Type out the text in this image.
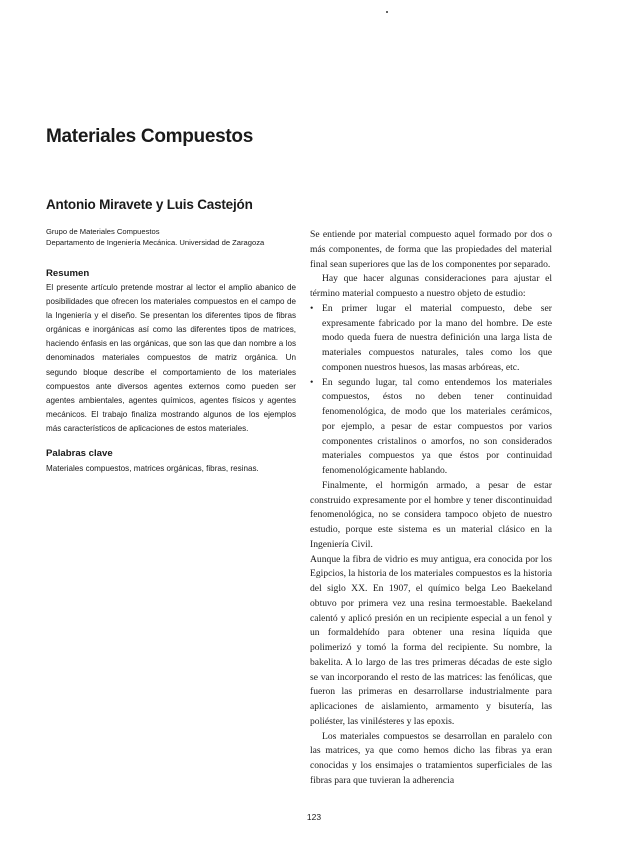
Materiales Compuestos
Antonio Miravete y Luis Castejón

Grupo de Materiales Compuestos

Departamento de Ingeniería Mecánica. Universidad de Zaragoza

Resumen

El presente artículo pretende mostrar al lector el amplio abanico de posibilidades que ofrecen los materiales compuestos en el campo de la Ingeniería y el diseño. Se presentan los diferentes tipos de fibras orgánicas e inorgánicas así como las diferentes tipos de matrices, haciendo énfasis en las orgánicas, que son las que dan nombre a los denominados materiales compuestos de matriz orgánica. Un segundo bloque describe el comportamiento de los materiales compuestos ante diversos agentes externos como pueden ser agentes ambientales, agentes químicos, agentes físicos y agentes mecánicos. El trabajo finaliza mostrando algunos de los ejemplos más característicos de aplicaciones de estos materiales.

Palabras clave

Materiales compuestos, matrices orgánicas, fibras, resinas.

Se entiende por material compuesto aquel formado por dos o más componentes, de forma que las propiedades del material final sean superiores que las de los componentes por separado.

Hay que hacer algunas consideraciones para ajustar el término material compuesto a nuestro objeto de estudio:

• En primer lugar el material compuesto, debe ser expresamente fabricado por la mano del hombre. De este modo queda fuera de nuestra definición una larga lista de materiales compuestos naturales, tales como los que componen nuestros huesos, las masas arbóreas, etc.
• En segundo lugar, tal como entendemos los materiales compuestos, éstos no deben tener continuidad fenomenológica, de modo que los materiales cerámicos, por ejemplo, a pesar de estar compuestos por varios componentes cristalinos o amorfos, no son considerados materiales compuestos ya que éstos por continuidad fenomenológicamente hablando.

Finalmente, el hormigón armado, a pesar de estar construido expresamente por el hombre y tener discontinuidad fenomenológica, no se considera tampoco objeto de nuestro estudio, porque este sistema es un material clásico en la Ingeniería Civil.

Aunque la fibra de vidrio es muy antigua, era conocida por los Egipcios, la historia de los materiales compuestos es la historia del siglo XX. En 1907, el químico belga Leo Baekeland obtuvo por primera vez una resina termoestable. Baekeland calentó y aplicó presión en un recipiente especial a un fenol y un formaldehído para obtener una resina líquida que polimerizó y tomó la forma del recipiente. Su nombre, la bakelita. A lo largo de las tres primeras décadas de este siglo se van incorporando el resto de las matrices: las fenólicas, que fueron las primeras en desarrollarse industrialmente para aplicaciones de aislamiento, armamento y bisutería, las poliéster, las vinilésteres y las epoxis.

Los materiales compuestos se desarrollan en paralelo con las matrices, ya que como hemos dicho las fibras ya eran conocidas y los ensimajes o tratamientos superficiales de las fibras para que tuvieran la adherencia

123
